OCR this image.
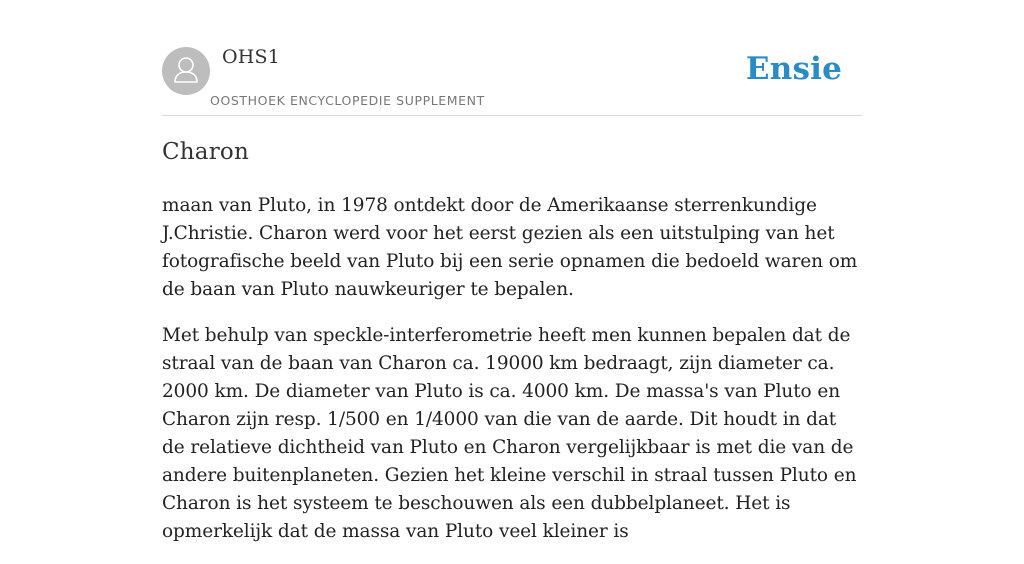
OHS1
OOSTHOEK ENCYCLOPEDIE SUPPLEMENT
Ensie
Charon

maan van Pluto, in 1978 ontdekt door de Amerikaanse sterrenkundige J.Christie. Charon werd voor het eerst gezien als een uitstulping van het fotografische beeld van Pluto bij een serie opnamen die bedoeld waren om de baan van Pluto nauwkeuriger te bepalen.

Met behulp van speckle-interferometrie heeft men kunnen bepalen dat de straal van de baan van Charon ca. 19000 km bedraagt, zijn diameter ca. 2000 km. De diameter van Pluto is ca. 4000 km. De massa's van Pluto en Charon zijn resp. 1/500 en 1/4000 van die van de aarde. Dit houdt in dat de relatieve dichtheid van Pluto en Charon vergelijkbaar is met die van de andere buitenplaneten. Gezien het kleine verschil in straal tussen Pluto en Charon is het systeem te beschouwen als een dubbelplaneet. Het is opmerkelijk dat de massa van Pluto veel kleiner is
